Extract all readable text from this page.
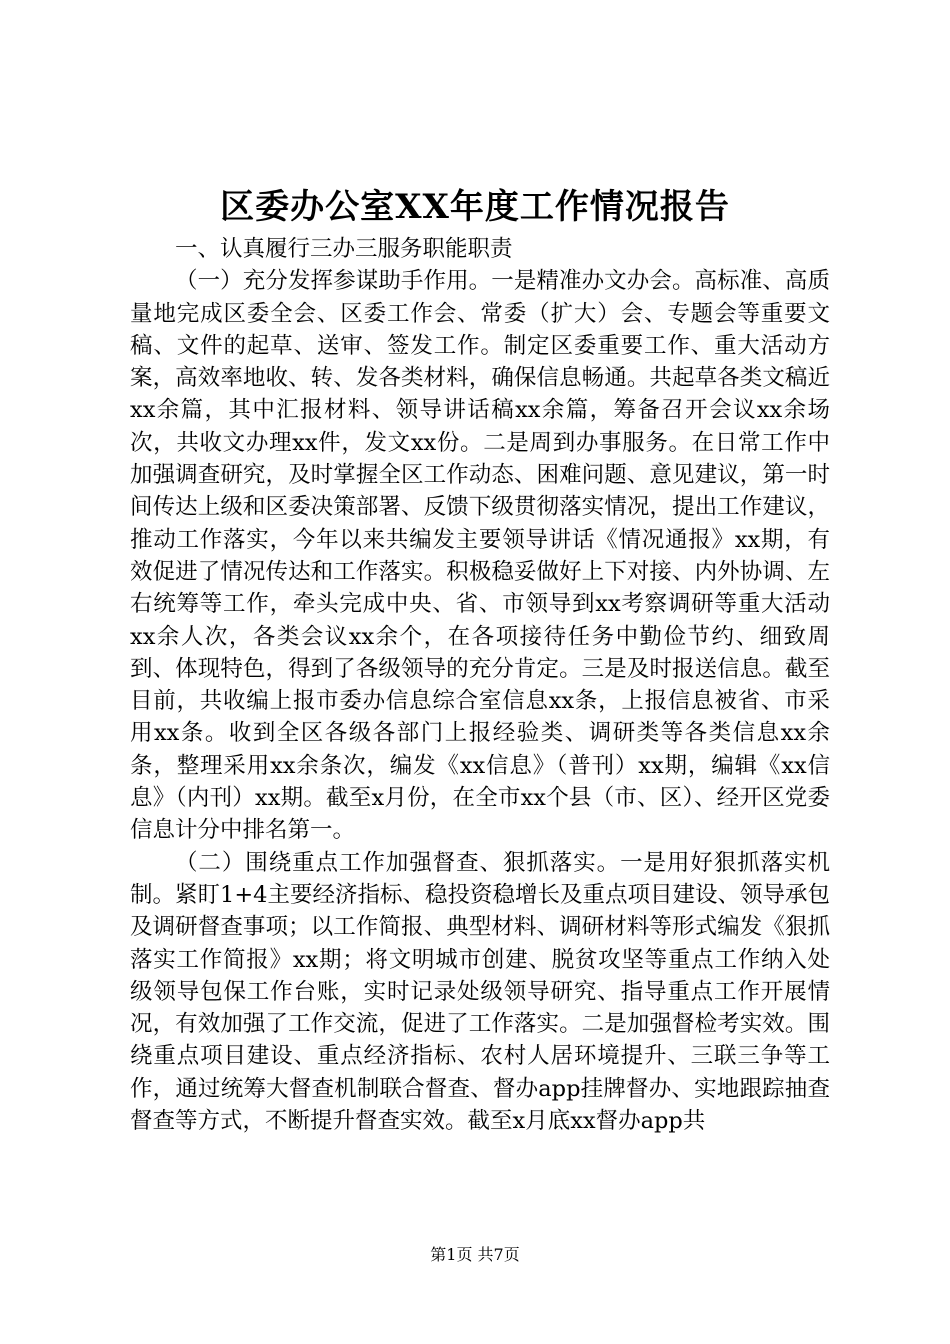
区委办公室XX年度工作情况报告

一、认真履行三办三服务职能职责

（一）充分发挥参谋助手作用。一是精准办文办会。高标准、高质量地完成区委全会、区委工作会、常委（扩大）会、专题会等重要文稿、文件的起草、送审、签发工作。制定区委重要工作、重大活动方案，高效率地收、转、发各类材料，确保信息畅通。共起草各类文稿近xx余篇，其中汇报材料、领导讲话稿xx余篇，筹备召开会议xx余场次，共收文办理xx件，发文xx份。二是周到办事服务。在日常工作中加强调查研究，及时掌握全区工作动态、困难问题、意见建议，第一时间传达上级和区委决策部署、反馈下级贯彻落实情况，提出工作建议，推动工作落实，今年以来共编发主要领导讲话《情况通报》xx期，有效促进了情况传达和工作落实。积极稳妥做好上下对接、内外协调、左右统筹等工作，牵头完成中央、省、市领导到xx考察调研等重大活动xx余人次，各类会议xx余个，在各项接待任务中勤俭节约、细致周到、体现特色，得到了各级领导的充分肯定。三是及时报送信息。截至目前，共收编上报市委办信息综合室信息xx条，上报信息被省、市采用xx条。收到全区各级各部门上报经验类、调研类等各类信息xx余条，整理采用xx余条次，编发《xx信息》（普刊）xx期，编辑《xx信息》（内刊）xx期。截至x月份，在全市xx个县（市、区）、经开区党委信息计分中排名第一。

（二）围绕重点工作加强督查、狠抓落实。一是用好狠抓落实机制。紧盯1+4主要经济指标、稳投资稳增长及重点项目建设、领导承包及调研督查事项；以工作简报、典型材料、调研材料等形式编发《狠抓落实工作简报》xx期；将文明城市创建、脱贫攻坚等重点工作纳入处级领导包保工作台账，实时记录处级领导研究、指导重点工作开展情况，有效加强了工作交流，促进了工作落实。二是加强督检考实效。围绕重点项目建设、重点经济指标、农村人居环境提升、三联三争等工作，通过统筹大督查机制联合督查、督办app挂牌督办、实地跟踪抽查督查等方式，不断提升督查实效。截至x月底xx督办app共

第1页 共7页
